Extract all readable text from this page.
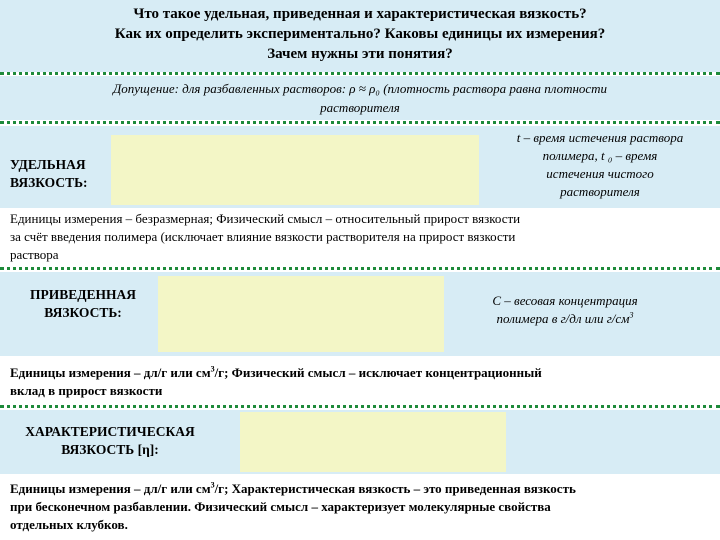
Что такое удельная, приведенная и характеристическая вязкость?
Как их определить экспериментально? Каковы единицы их измерения?
Зачем нужны эти понятия?
Допущение: для разбавленных растворов: ρ ≈ ρ₀ (плотность раствора равна плотности
растворителя
УДЕЛЬНАЯ
ВЯЗКОСТЬ:
t – время истечения раствора
полимера, t ₀ – время
истечения чистого
растворителя
Единицы измерения – безразмерная; Физический смысл – относительный прирост вязкости
за счёт введения полимера (исключает влияние вязкости растворителя на прирост вязкости
раствора
ПРИВЕДЕННАЯ
ВЯЗКОСТЬ:
С – весовая концентрация
полимера в г/дл или $г/см^3$
Единицы измерения – дл/г или $см^3/г$; Физический смысл – исключает концентрационный
вклад в прирост вязкости
ХАРАКТЕРИСТИЧЕСКАЯ
ВЯЗКОСТЬ [η]:
Единицы измерения – дл/г или $см^3/г$; Характеристическая вязкость – это приведенная вязкость
при бесконечном разбавлении. Физический смысл – характеризует молекулярные свойства
отдельных клубков.
